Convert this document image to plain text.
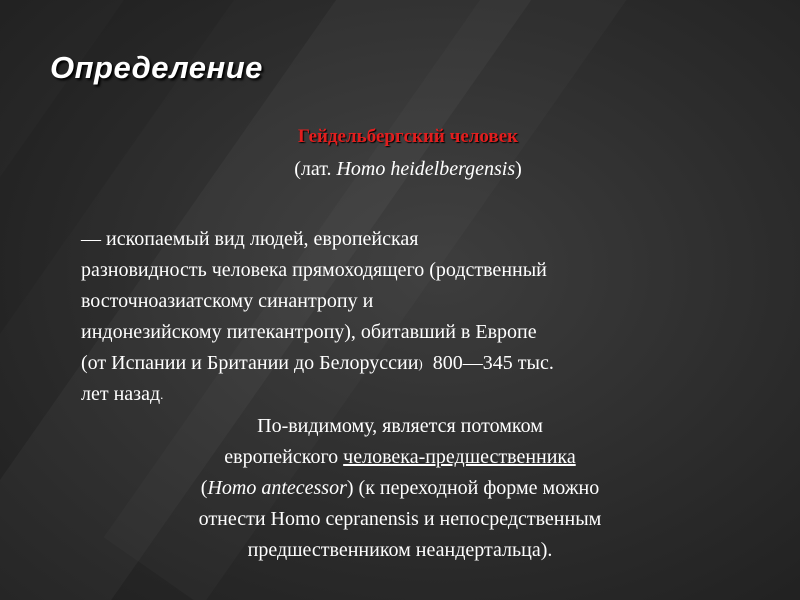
Определение
Гейдельбергский человек
(лат. Homo heidelbergensis)
— ископаемый вид людей, европейская
разновидность человека прямоходящего (родственный
восточноазиатскому синантропу и
индонезийскому питекантропу), обитавший в Европе
(от Испании и Британии до Белоруссии)  800—345 тыс.
лет назад.
По-видимому, является потомком
европейского человека-предшественника
(Homo antecessor) (к переходной форме можно
отнести Homo cepranensis и непосредственным
предшественником неандертальца).
